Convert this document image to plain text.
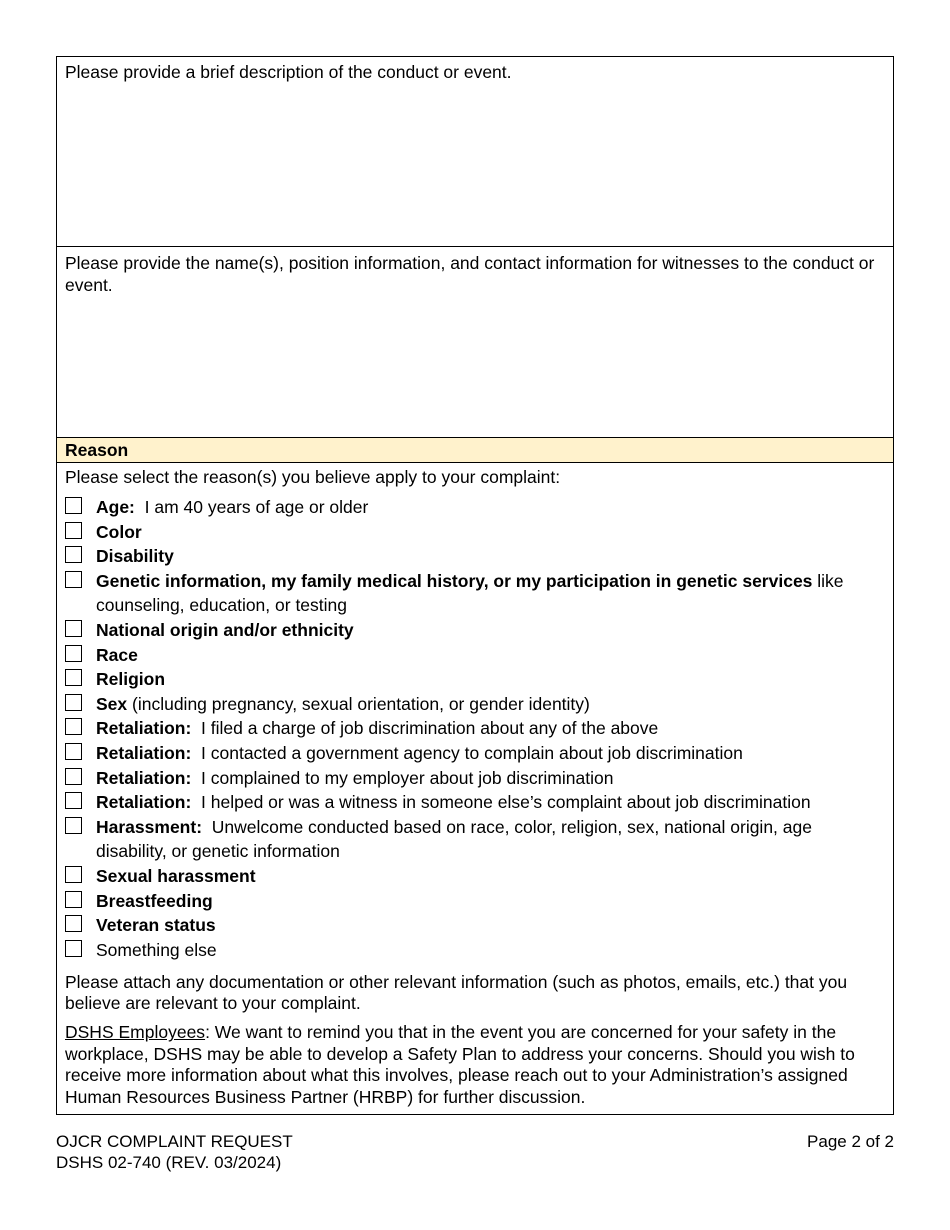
Please provide a brief description of the conduct or event.
Please provide the name(s), position information, and contact information for witnesses to the conduct or event.
Reason
Please select the reason(s) you believe apply to your complaint:
Age:  I am 40 years of age or older
Color
Disability
Genetic information, my family medical history, or my participation in genetic services like counseling, education, or testing
National origin and/or ethnicity
Race
Religion
Sex (including pregnancy, sexual orientation, or gender identity)
Retaliation:  I filed a charge of job discrimination about any of the above
Retaliation:  I contacted a government agency to complain about job discrimination
Retaliation:  I complained to my employer about job discrimination
Retaliation:  I helped or was a witness in someone else’s complaint about job discrimination
Harassment:  Unwelcome conducted based on race, color, religion, sex, national origin, age disability, or genetic information
Sexual harassment
Breastfeeding
Veteran status
Something else
Please attach any documentation or other relevant information (such as photos, emails, etc.) that you believe are relevant to your complaint.
DSHS Employees: We want to remind you that in the event you are concerned for your safety in the workplace, DSHS may be able to develop a Safety Plan to address your concerns. Should you wish to receive more information about what this involves, please reach out to your Administration’s assigned Human Resources Business Partner (HRBP) for further discussion.
OJCR COMPLAINT REQUEST
DSHS 02-740 (REV. 03/2024)
Page 2 of 2
